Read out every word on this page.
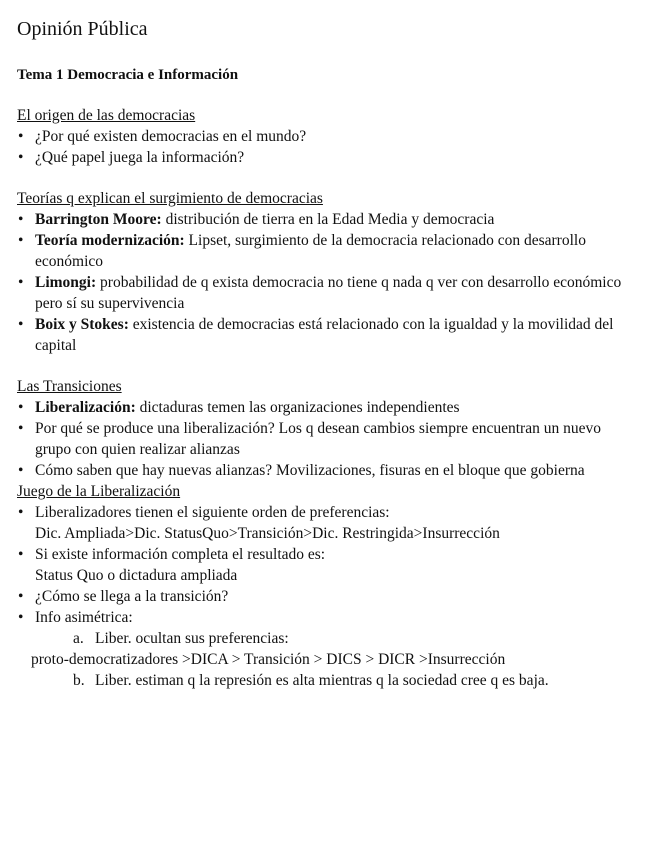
Opinión Pública
Tema 1 Democracia e Información
El origen de las democracias
• ¿Por qué existen democracias en el mundo?
• ¿Qué papel juega la información?
Teorías q explican el surgimiento de democracias
• Barrington Moore: distribución de tierra en la Edad Media y democracia
• Teoría modernización: Lipset, surgimiento de la democracia relacionado con desarrollo económico
• Limongi: probabilidad de q exista democracia no tiene q nada q ver con desarrollo económico pero sí su supervivencia
• Boix y Stokes: existencia de democracias está relacionado con la igualdad y la movilidad del capital
Las Transiciones
• Liberalización: dictaduras temen las organizaciones independientes
• Por qué se produce una liberalización? Los q desean cambios siempre encuentran un nuevo grupo con quien realizar alianzas
• Cómo saben que hay nuevas alianzas? Movilizaciones, fisuras en el bloque que gobierna
Juego de la Liberalización
• Liberalizadores tienen el siguiente orden de preferencias:
Dic. Ampliada>Dic. StatusQuo>Transición>Dic. Restringida>Insurrección
• Si existe información completa el resultado es:
Status Quo o dictadura ampliada
• ¿Cómo se llega a la transición?
• Info asimétrica:
a. Liber. ocultan sus preferencias:
proto-democratizadores >DICA > Transición > DICS > DICR >Insurrección
b. Liber. estiman q la represión es alta mientras q la sociedad cree q es baja.
